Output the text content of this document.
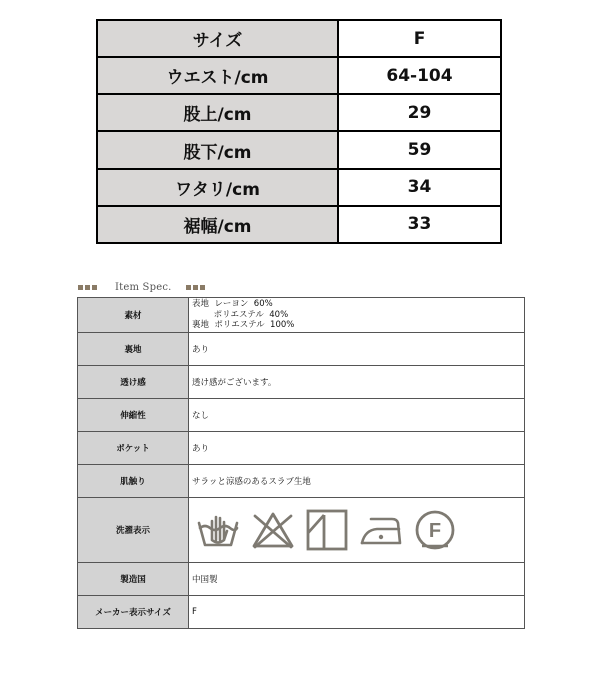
サイズ	F
ウエスト/cm	64-104
股上/cm	29
股下/cm	59
ワタリ/cm	34
裾幅/cm	33
Item Spec.
素材	表地  レーヨン  60%
ポリエステル  40%
裏地  ポリエステル  100%

裏地	あり
透け感	透け感がございます。
伸縮性	なし
ポケット	あり
肌触り	サラッと涼感のあるスラブ生地
洗濯表示	F

製造国	中国製
メーカー表示サイズ	F
